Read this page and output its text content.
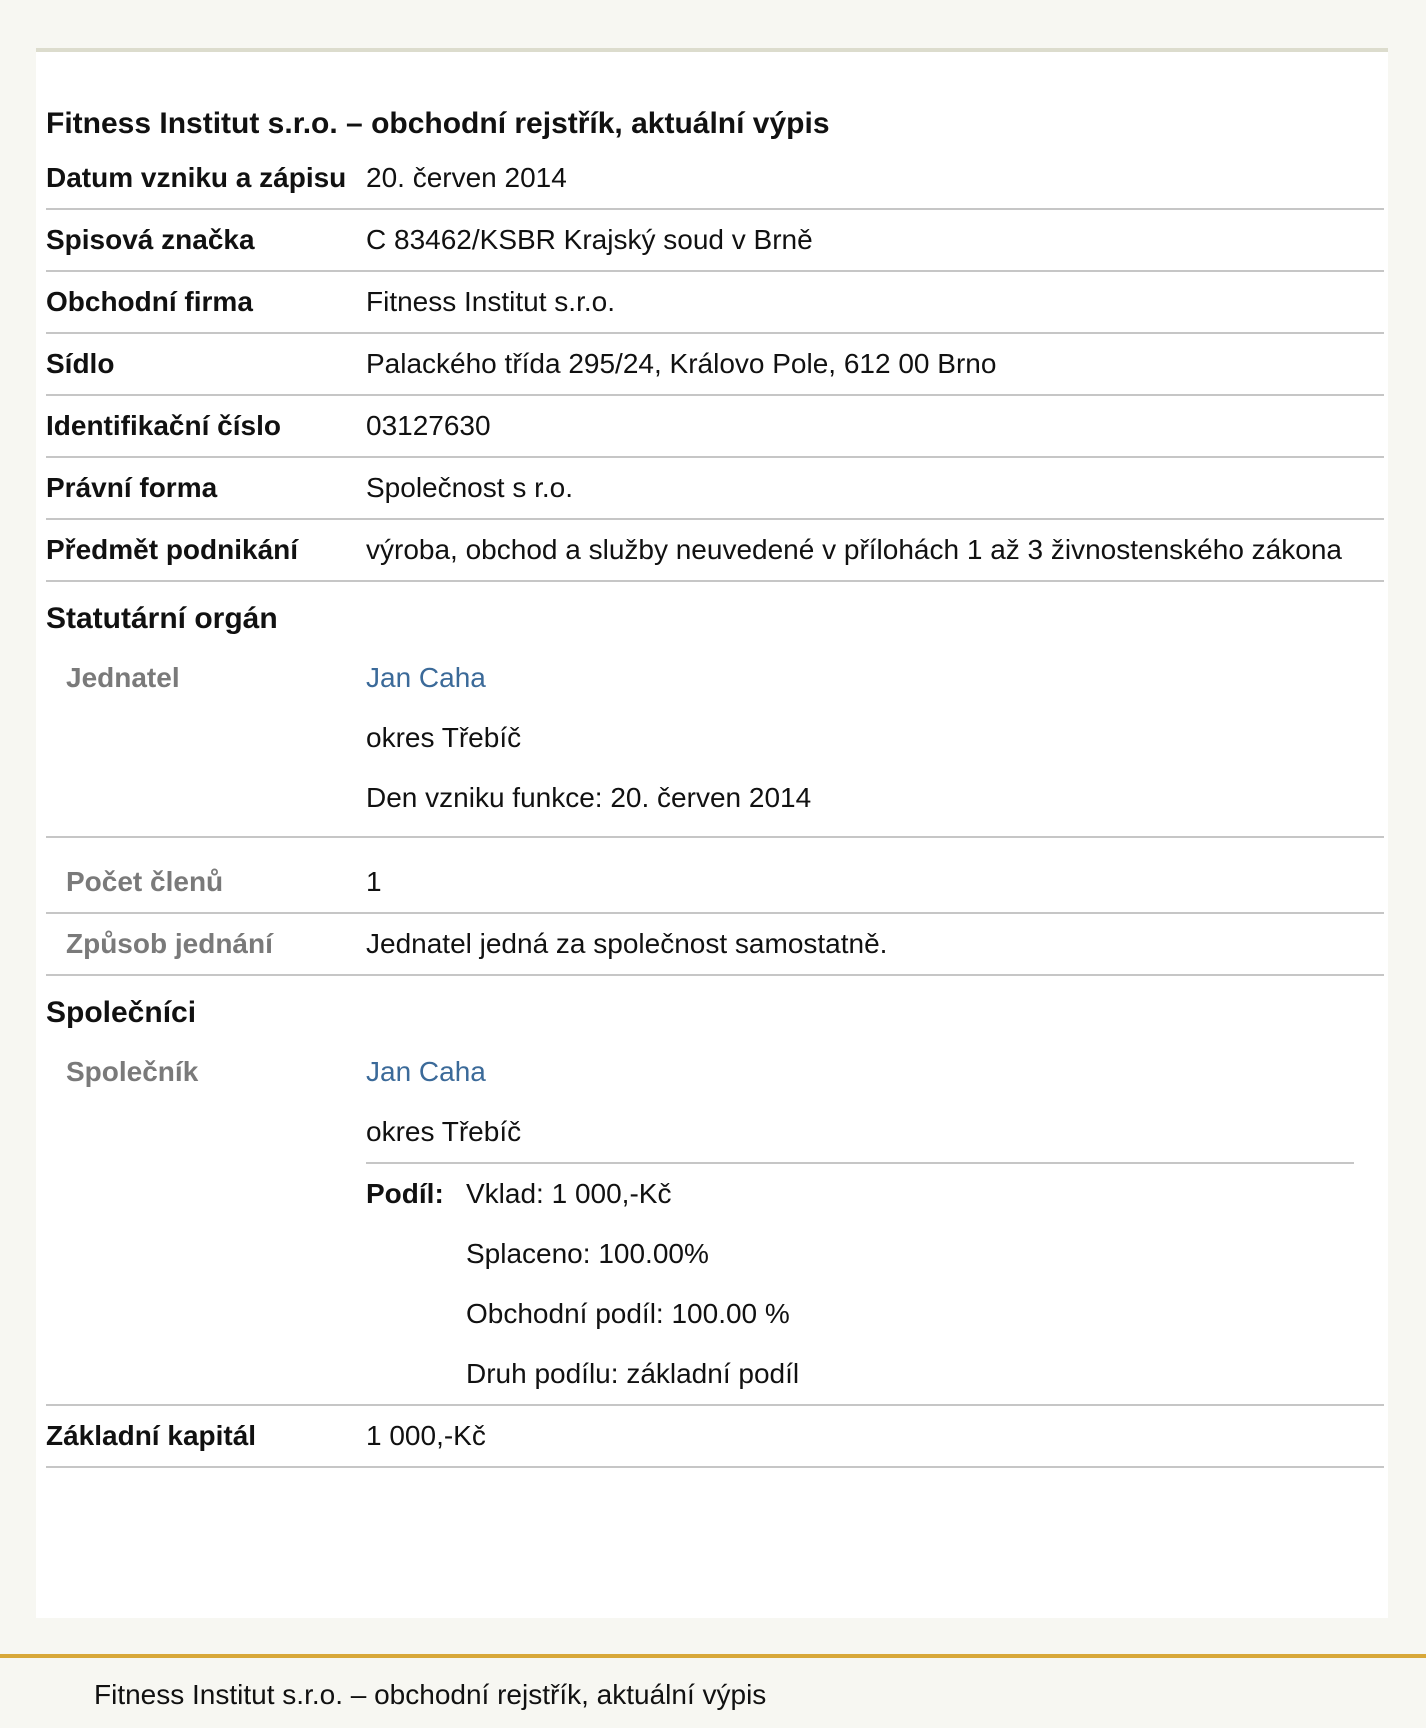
Fitness Institut s.r.o. – obchodní rejstřík, aktuální výpis
Datum vzniku a zápisu 20. červen 2014
Spisová značka	C 83462/KSBR Krajský soud v Brně
Obchodní firma	Fitness Institut s.r.o.
Sídlo	Palackého třída 295/24, Královo Pole, 612 00 Brno
Identifikační číslo	03127630
Právní forma	Společnost s r.o.
Předmět podnikání	výroba, obchod a služby neuvedené v přílohách 1 až 3 živnostenského zákona
Statutární orgán
Jednatel	Jan Caha
okres Třebíč
Den vzniku funkce: 20. červen 2014
Počet členů	1
Způsob jednání	Jednatel jedná za společnost samostatně.
Společníci
Společník	Jan Caha
okres Třebíč
Podíl: Vklad: 1 000,-Kč
Splaceno: 100.00%
Obchodní podíl: 100.00 %
Druh podílu: základní podíl
Základní kapitál	1 000,-Kč
Fitness Institut s.r.o. – obchodní rejstřík, aktuální výpis
